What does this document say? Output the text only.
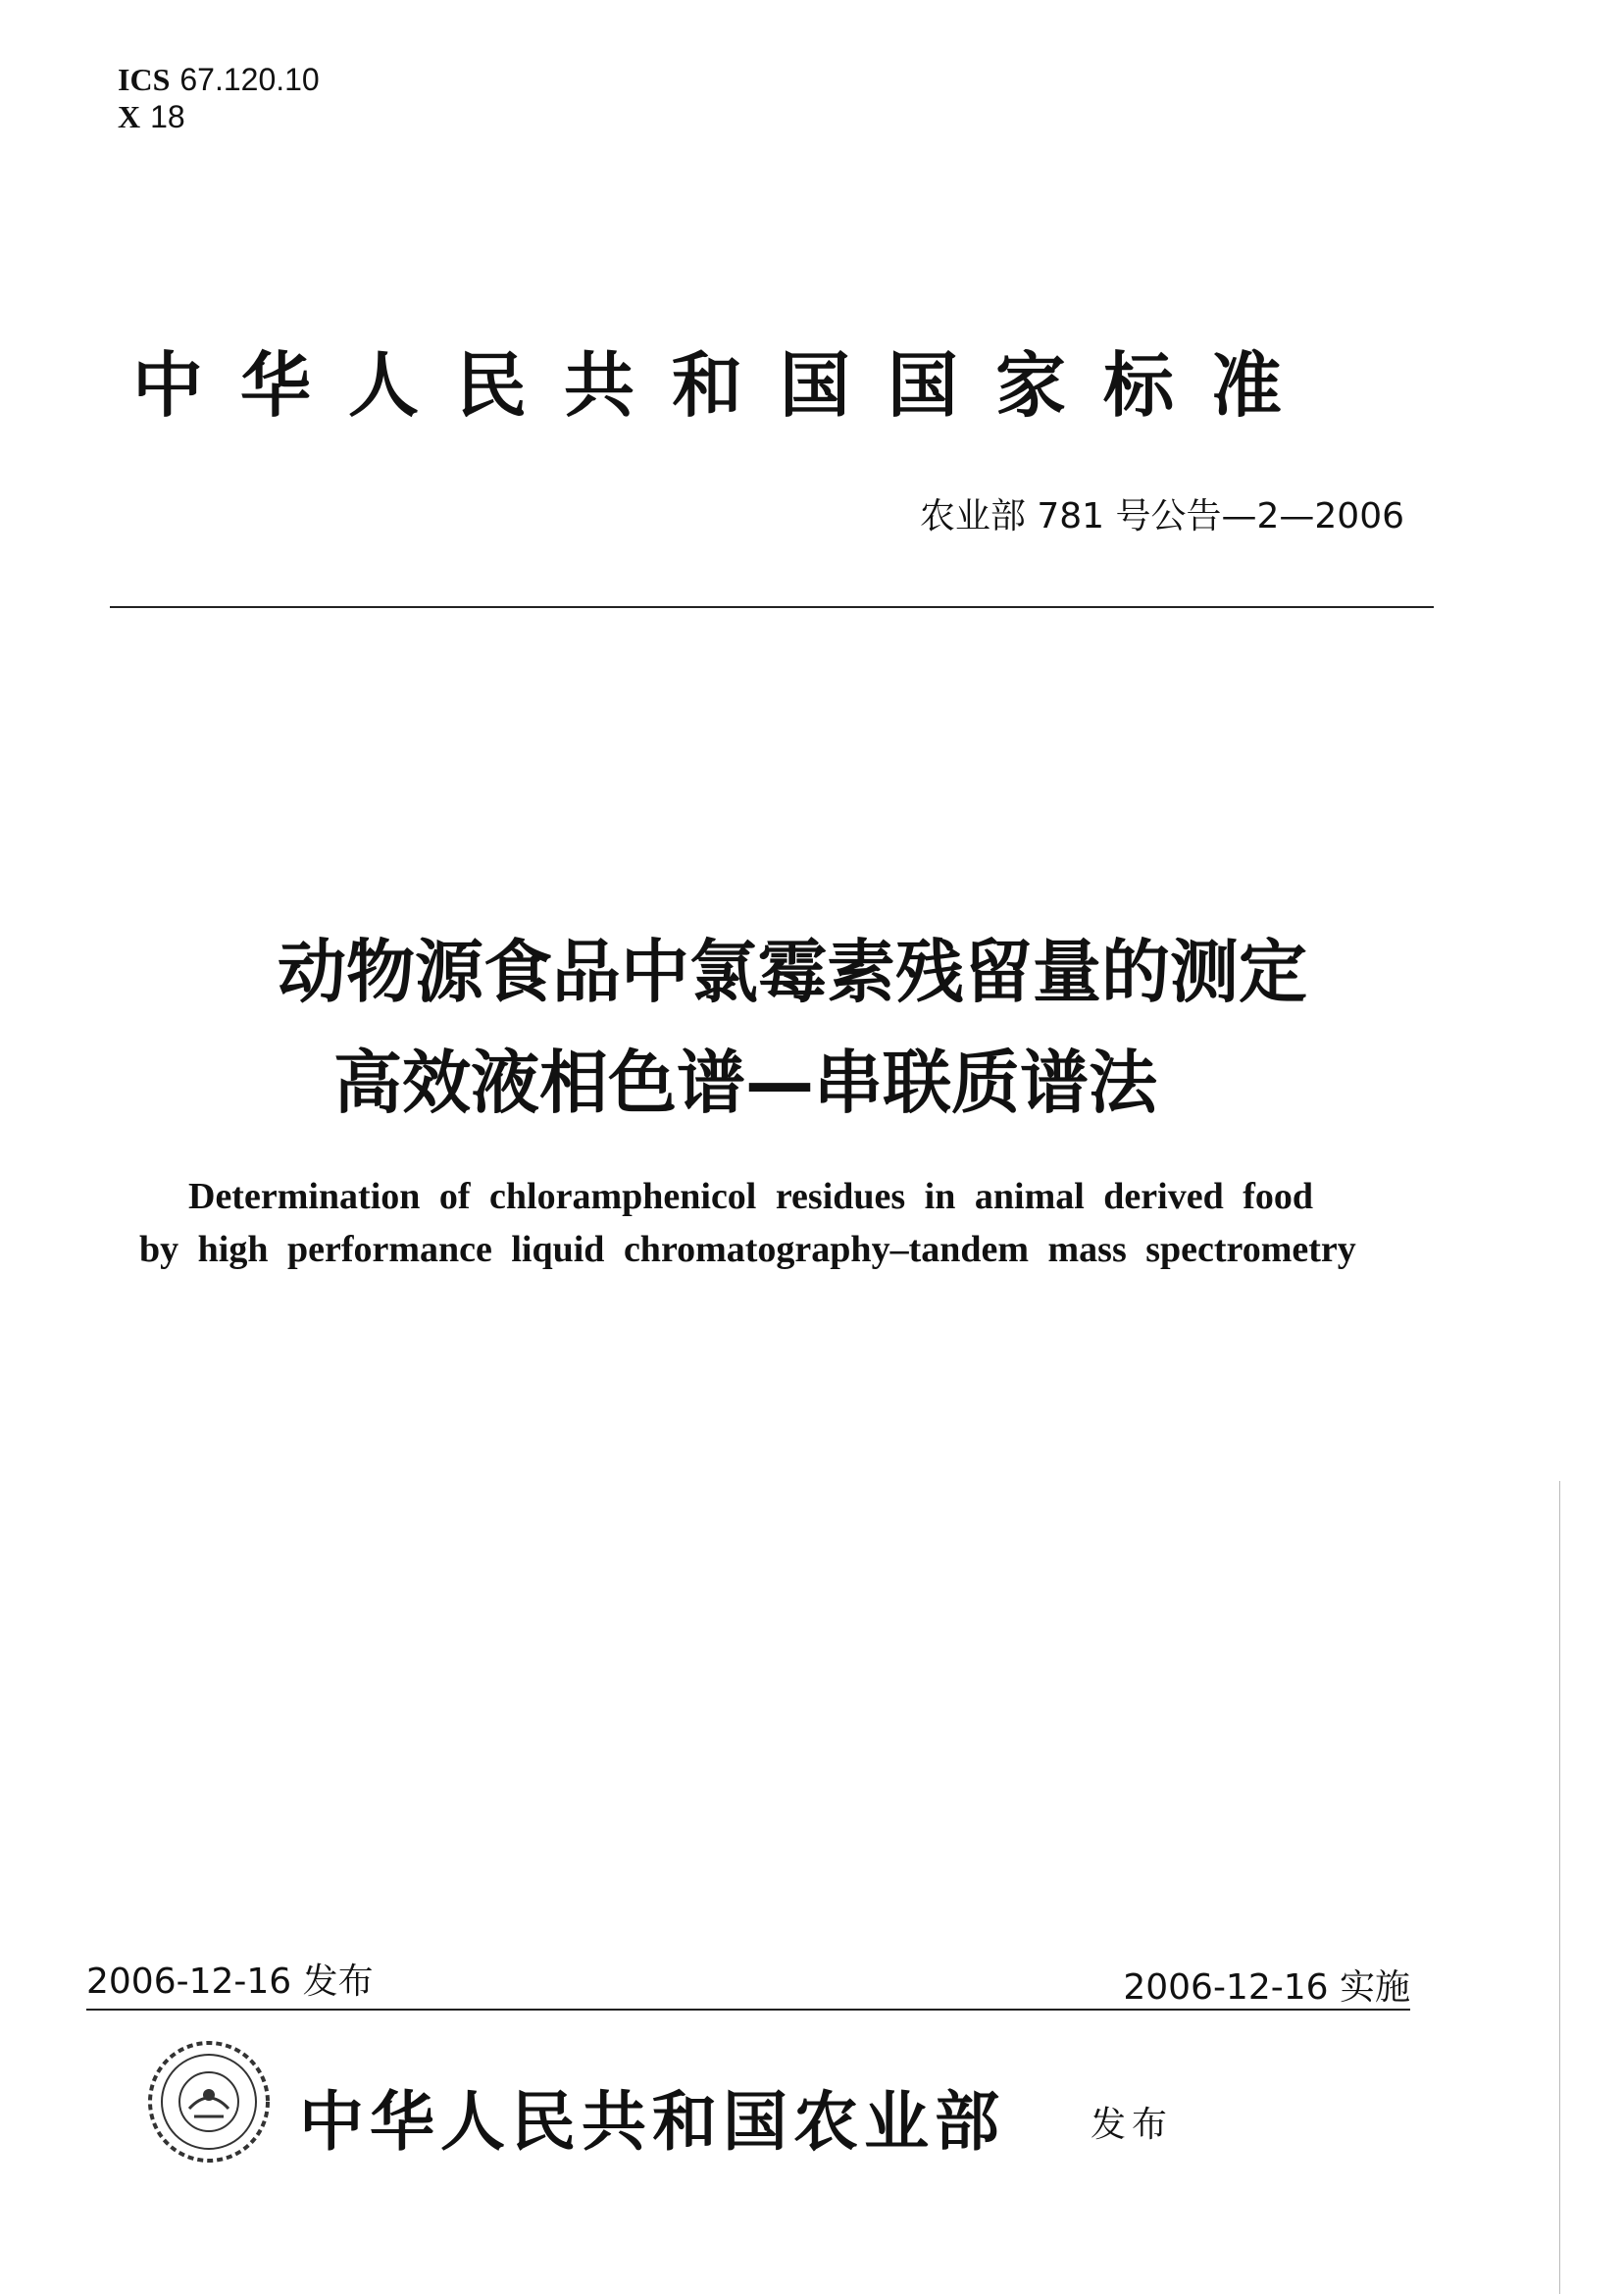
ICS 67.120.10
X 18
中华人民共和国国家标准
农业部 781 号公告—2—2006
动物源食品中氯霉素残留量的测定
高效液相色谱—串联质谱法
Determination of chloramphenicol residues in animal derived food
by high performance liquid chromatography–tandem mass spectrometry
2006-12-16 发布	2006-12-16 实施
中华人民共和国农业部 发布
